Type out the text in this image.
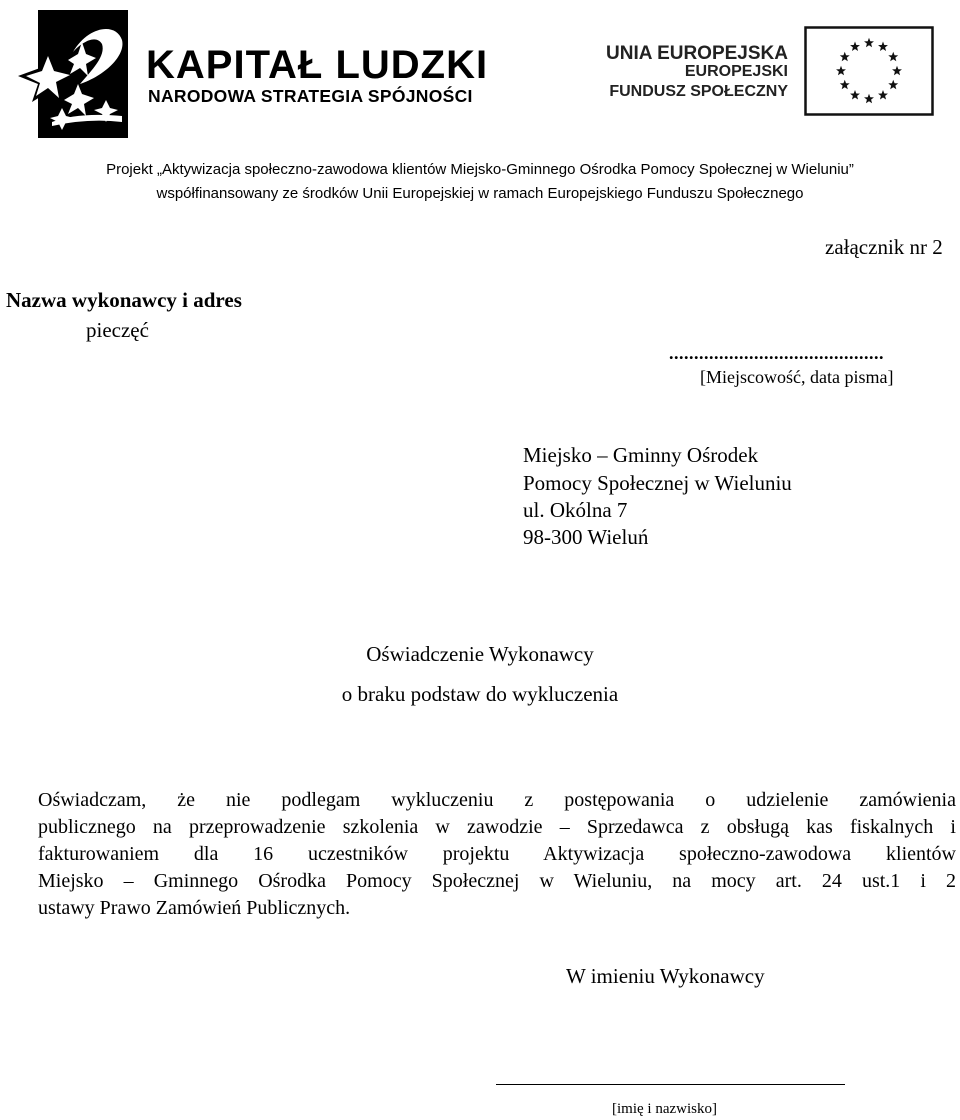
KAPITAŁ LUDZKI
NARODOWA STRATEGIA SPÓJNOŚCI
UNIA EUROPEJSKA
EUROPEJSKI
FUNDUSZ SPOŁECZNY
Projekt „Aktywizacja społeczno-zawodowa klientów Miejsko-Gminnego Ośrodka Pomocy Społecznej w Wieluniu”
współfinansowany ze środków Unii Europejskiej w ramach Europejskiego Funduszu Społecznego
załącznik nr 2
Nazwa wykonawcy i adres
pieczęć
...........................................
[Miejscowość, data pisma]
Miejsko – Gminny Ośrodek
Pomocy Społecznej w Wieluniu
ul. Okólna 7
98-300 Wieluń
Oświadczenie Wykonawcy
o braku podstaw do wykluczenia
Oświadczam, że nie podlegam wykluczeniu z postępowania o udzielenie zamówienia
publicznego na przeprowadzenie szkolenia w zawodzie – Sprzedawca z obsługą kas fiskalnych i
fakturowaniem dla 16 uczestników projektu Aktywizacja społeczno-zawodowa klientów
Miejsko – Gminnego Ośrodka Pomocy Społecznej w Wieluniu, na mocy art. 24 ust.1 i 2
ustawy Prawo Zamówień Publicznych.
W imieniu Wykonawcy
[imię i nazwisko]
